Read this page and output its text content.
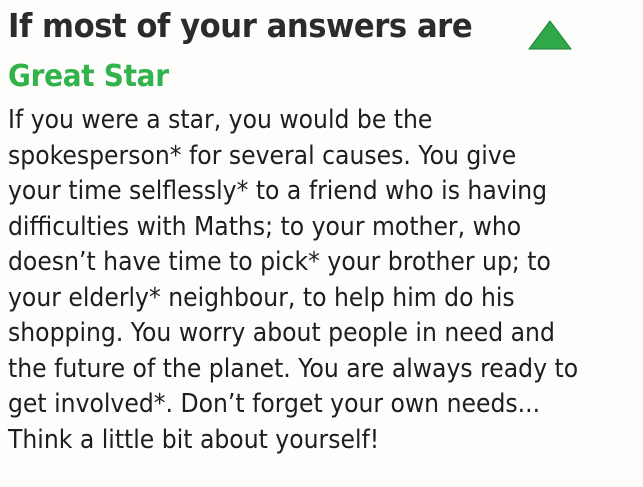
If most of your answers are
Great Star
If you were a star, you would be the
spokesperson* for several causes. You give
your time selflessly* to a friend who is having
difficulties with Maths; to your mother, who
doesn’t have time to pick* your brother up; to
your elderly* neighbour, to help him do his
shopping. You worry about people in need and
the future of the planet. You are always ready to
get involved*. Don’t forget your own needs...
Think a little bit about yourself!
